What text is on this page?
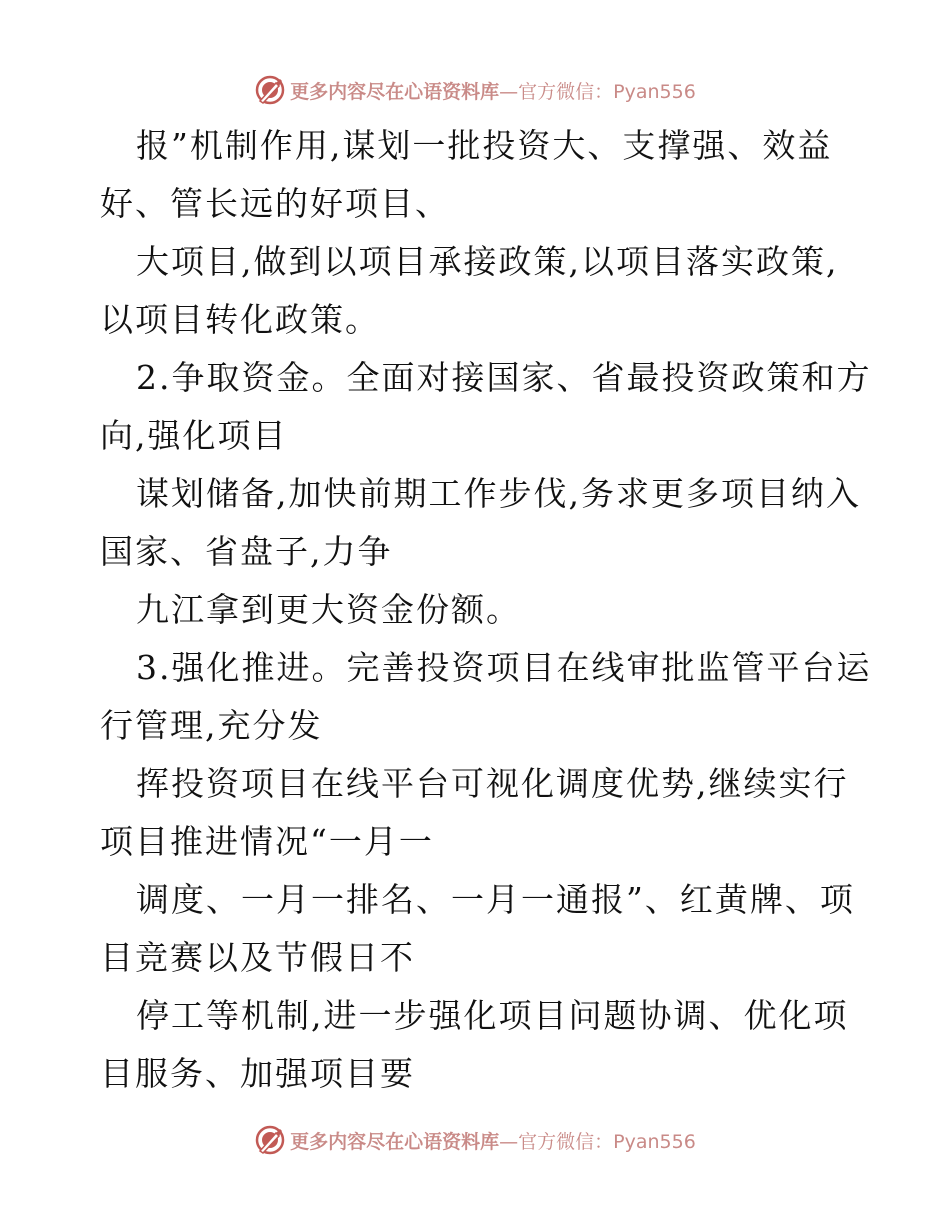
更多内容尽在心语资料库—官方微信：Pyan556
报”机制作用,谋划一批投资大、支撑强、效益
好、管长远的好项目、
大项目,做到以项目承接政策,以项目落实政策,
以项目转化政策。
2.争取资金。全面对接国家、省最投资政策和方
向,强化项目
谋划储备,加快前期工作步伐,务求更多项目纳入
国家、省盘子,力争
九江拿到更大资金份额。
3.强化推进。完善投资项目在线审批监管平台运
行管理,充分发
挥投资项目在线平台可视化调度优势,继续实行
项目推进情况“一月一
调度、一月一排名、一月一通报”、红黄牌、项
目竞赛以及节假日不
停工等机制,进一步强化项目问题协调、优化项
目服务、加强项目要
更多内容尽在心语资料库—官方微信：Pyan556
